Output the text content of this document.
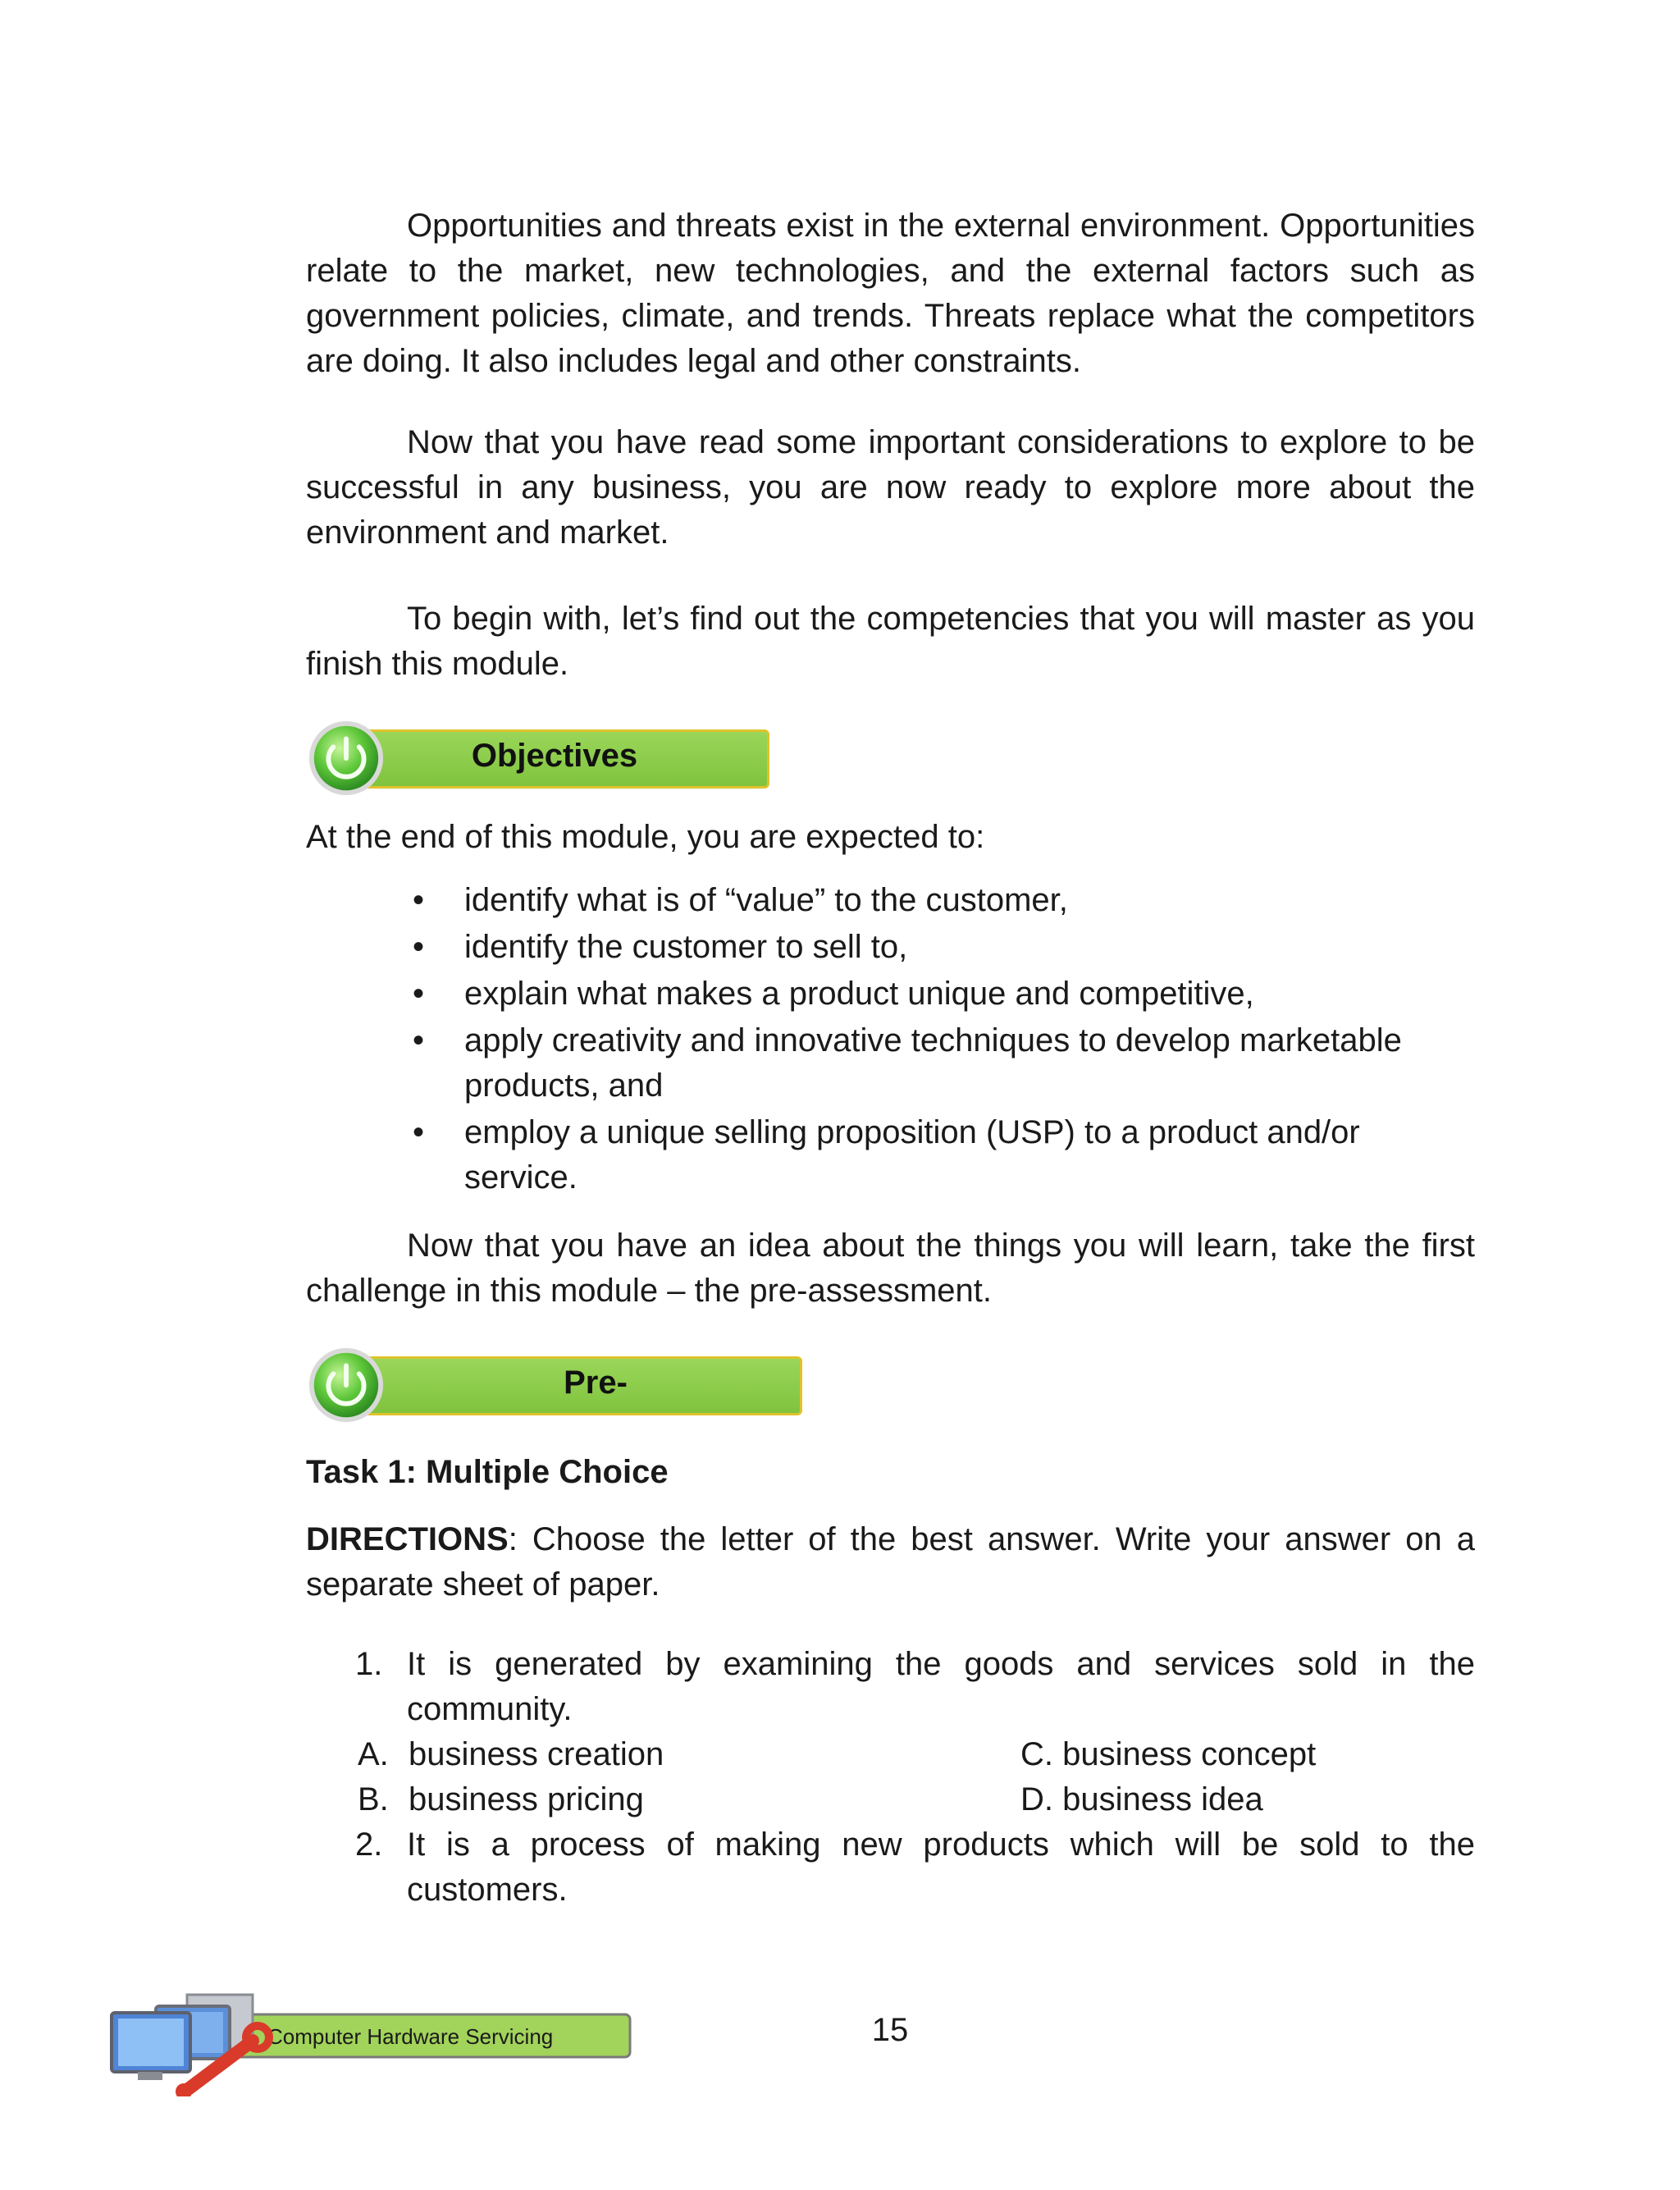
Opportunities and threats exist in the external environment. Opportunities relate to the market, new technologies, and the external factors such as government policies, climate, and trends. Threats replace what the competitors are doing. It also includes legal and other constraints.

Now that you have read some important considerations to explore to be successful in any business, you are now ready to explore more about the environment and market.

To begin with, let’s find out the competencies that you will master as you finish this module.

Objectives

At the end of this module, you are expected to:

• identify what is of “value” to the customer,
• identify the customer to sell to,
• explain what makes a product unique and competitive,
• apply creativity and innovative techniques to develop marketable products, and
• employ a unique selling proposition (USP) to a product and/or service.

Now that you have an idea about the things you will learn, take the first challenge in this module – the pre-assessment.

Pre-

Task 1: Multiple Choice

DIRECTIONS: Choose the letter of the best answer. Write your answer on a separate sheet of paper.

1. It is generated by examining the goods and services sold in the community.
A. business creation	C. business concept
B. business pricing	D. business idea
2. It is a process of making new products which will be sold to the customers.
Computer Hardware Servicing	15
